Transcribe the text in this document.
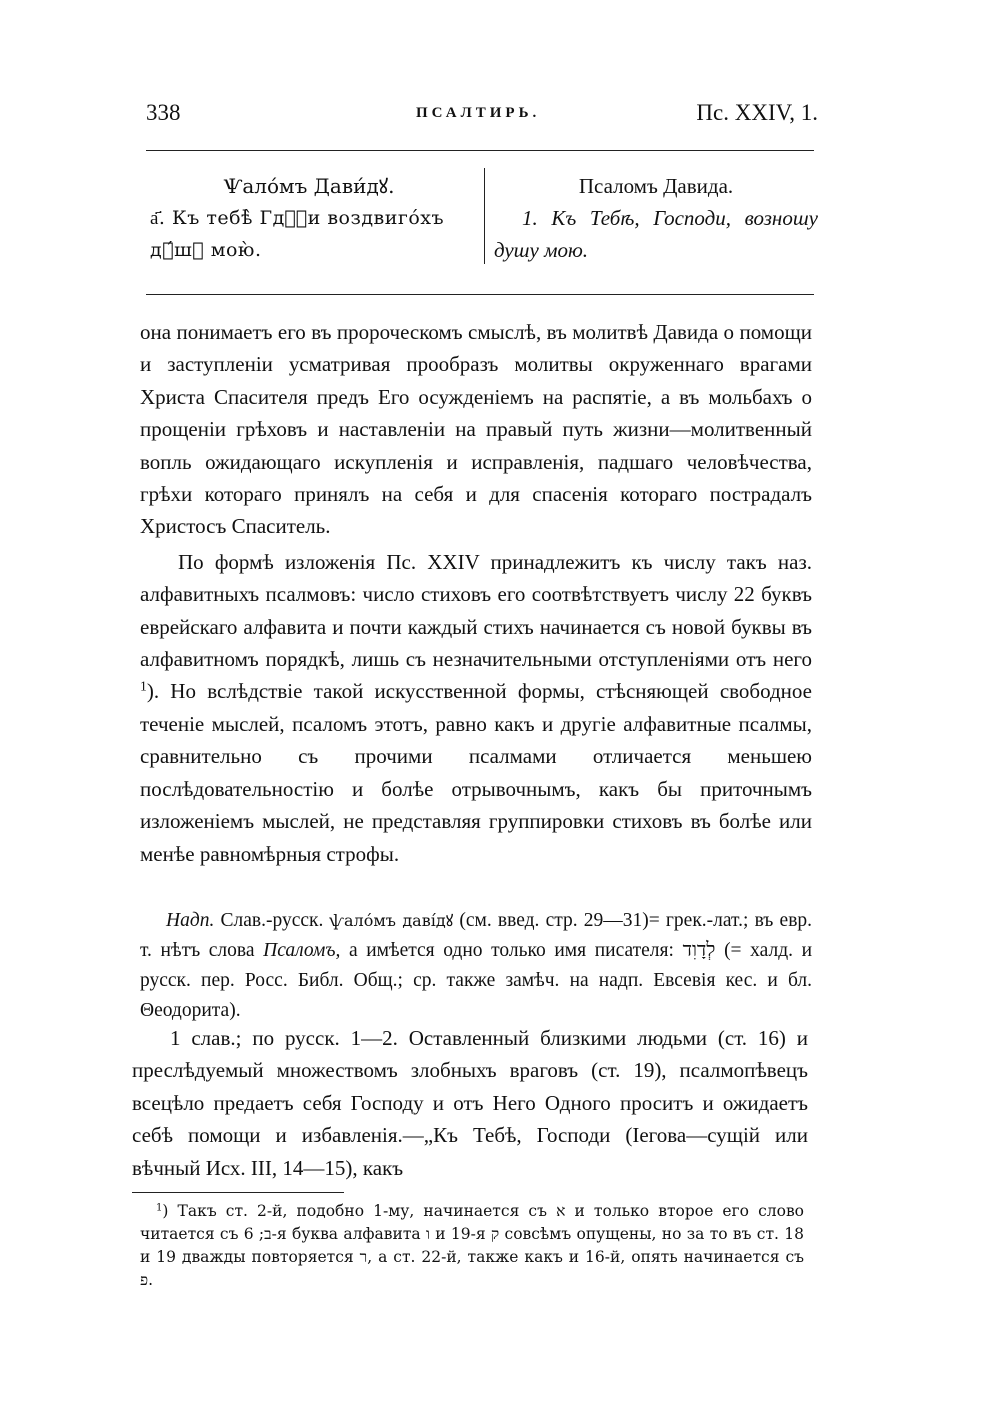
338	ПСАЛТИРЬ.	Пс. XXIV, 1.
Ѱало́мъ Дави́дꙋ.
а҃. Къ тебѣ̀ Гдⷭ҇и воздвиго́хъ дꙋ́шꙋ мою̀.
Псаломъ Давида.
1. Къ Тебѣ, Господи, возношу душу мою.

она понимаетъ его въ пророческомъ смыслѣ, въ молитвѣ Давида о помощи и заступленіи усматривая прообразъ молитвы окруженнаго врагами Христа Спасителя предъ Его осужденіемъ на распятіе, а въ мольбахъ о прощеніи грѣховъ и наставленіи на правый путь жизни—молитвенный вопль ожидающаго искупленія и исправленія, падшаго человѣчества, грѣхи котораго принялъ на себя и для спасенія котораго пострадалъ Христосъ Спаситель.

По формѣ изложенія Пс. XXIV принадлежитъ къ числу такъ наз. алфавитныхъ псалмовъ: число стиховъ его соотвѣтствуетъ числу 22 буквъ еврейскаго алфавита и почти каждый стихъ начинается съ новой буквы въ алфавитномъ порядкѣ, лишь съ незначительными отступленіями отъ него $^1$). Но вслѣдствіе такой искусственной формы, стѣсняющей свободное теченіе мыслей, псаломъ этотъ, равно какъ и другіе алфавитные псалмы, сравнительно съ прочими псалмами отличается меньшею послѣдовательностію и болѣе отрывочнымъ, какъ бы приточнымъ изложеніемъ мыслей, не представляя группировки стиховъ въ болѣе или менѣе равномѣрныя строфы.

Надп. Слав.-русск. ѱало́мъ даві́дꙋ (см. введ. стр. 29—31)= грек.-лат.; въ евр. т. нѣтъ слова Псаломъ, а имѣется одно только имя писателя: לְדָוִד (= халд. и русск. пер. Росс. Библ. Общ.; ср. также замѣч. на надп. Евсевія кес. и бл. Θеодорита).
1 слав.; по русск. 1—2. Оставленный близкими людьми (ст. 16) и преслѣдуемый множествомъ злобныхъ враговъ (ст. 19), псалмопѣвецъ всецѣло предаетъ себя Господу и отъ Него Одного проситъ и ожидаетъ себѣ помощи и избавленія.—„Къ Тебѣ, Господи (Іегова—сущій или вѣчный Исх. III, 14—15), какъ
$^1$) Такъ ст. 2-й, подобно 1-му, начинается съ א и только второе его слово читается съ ב; 6-я буква алфавита ו и 19-я ק совсѣмъ опущены, но за то въ ст. 18 и 19 дважды повторяется ר, а ст. 22-й, также какъ и 16-й, опять начинается съ פ.
